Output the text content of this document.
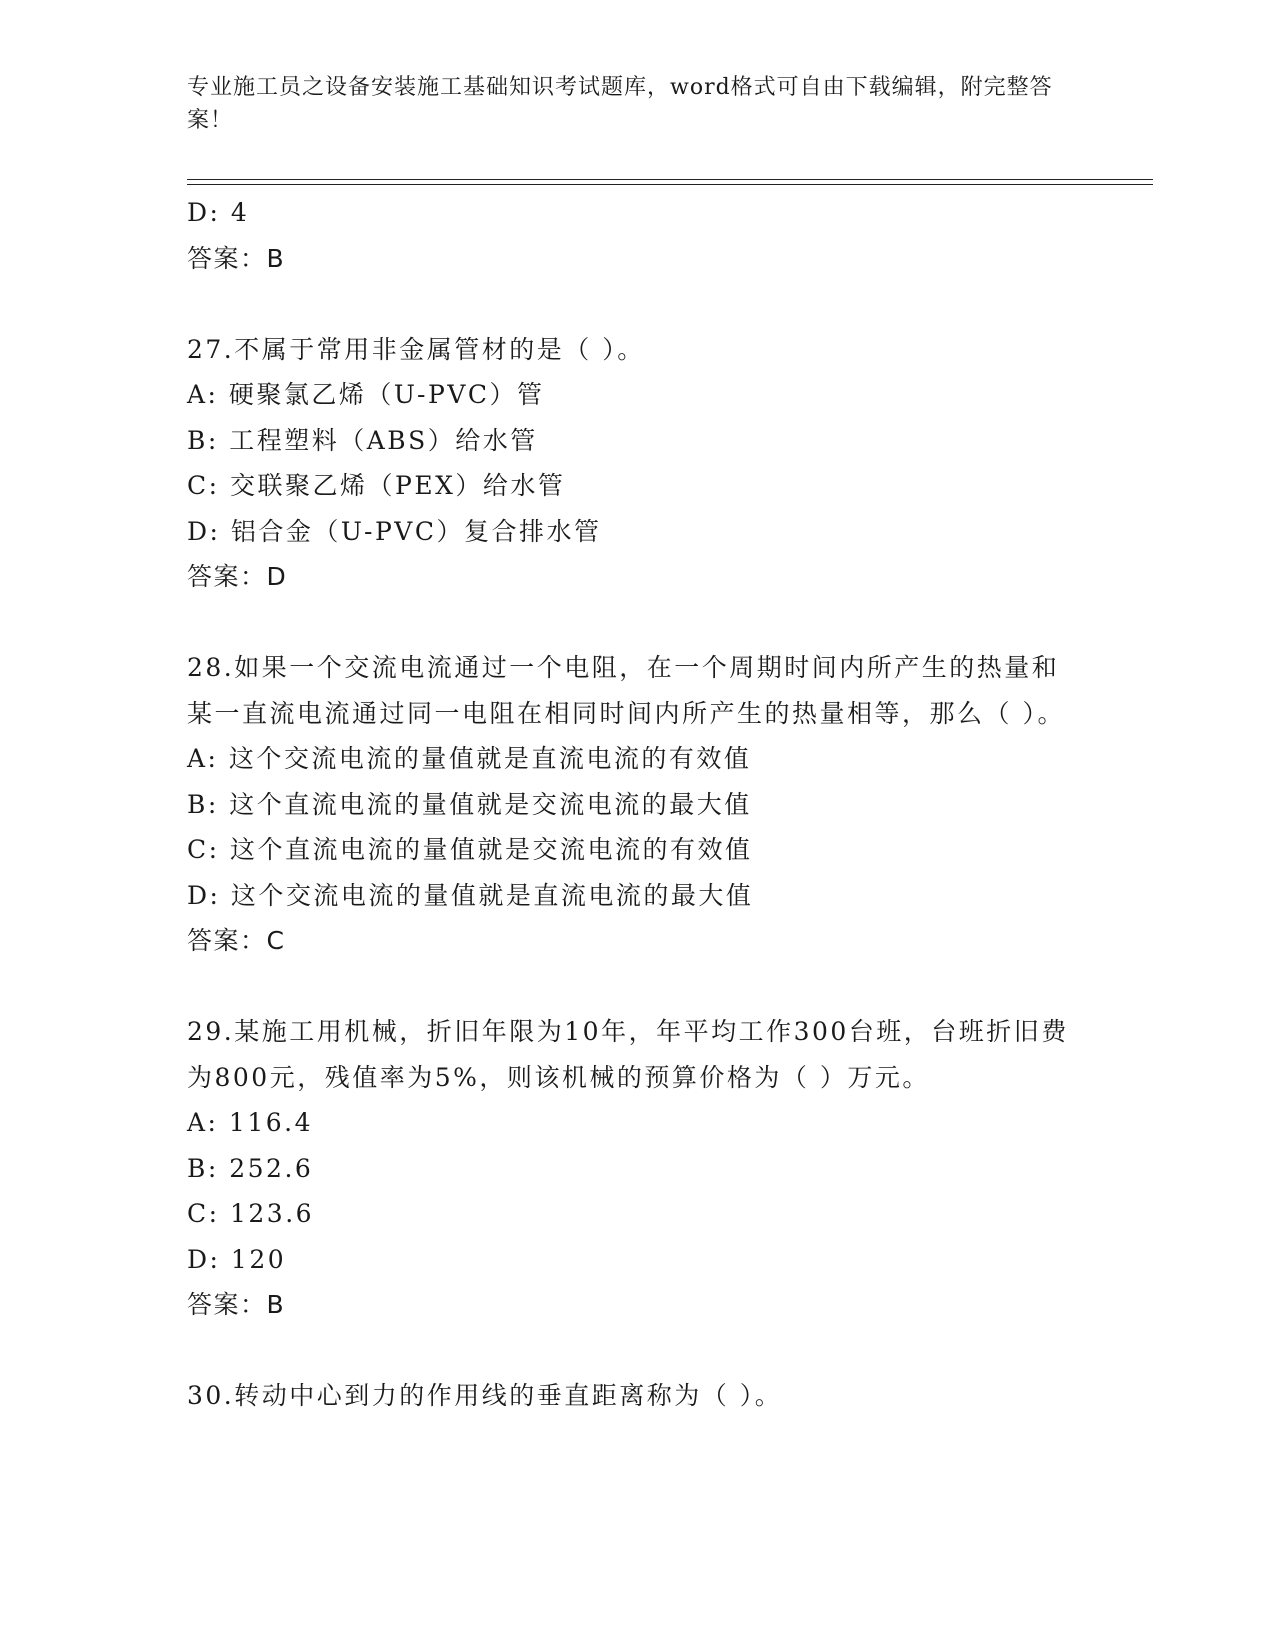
专业施工员之设备安装施工基础知识考试题库，word格式可自由下载编辑，附完整答案！
D: 4
答案：B
27.不属于常用非金属管材的是（ ）。
A: 硬聚氯乙烯（U-PVC）管
B: 工程塑料（ABS）给水管
C: 交联聚乙烯（PEX）给水管
D: 铝合金（U-PVC）复合排水管
答案：D
28.如果一个交流电流通过一个电阻，在一个周期时间内所产生的热量和某一直流电流通过同一电阻在相同时间内所产生的热量相等，那么（ ）。
A: 这个交流电流的量值就是直流电流的有效值
B: 这个直流电流的量值就是交流电流的最大值
C: 这个直流电流的量值就是交流电流的有效值
D: 这个交流电流的量值就是直流电流的最大值
答案：C
29.某施工用机械，折旧年限为10年，年平均工作300台班，台班折旧费为800元，残值率为5%，则该机械的预算价格为（ ）万元。
A: 116.4
B: 252.6
C: 123.6
D: 120
答案：B
30.转动中心到力的作用线的垂直距离称为（ ）。
